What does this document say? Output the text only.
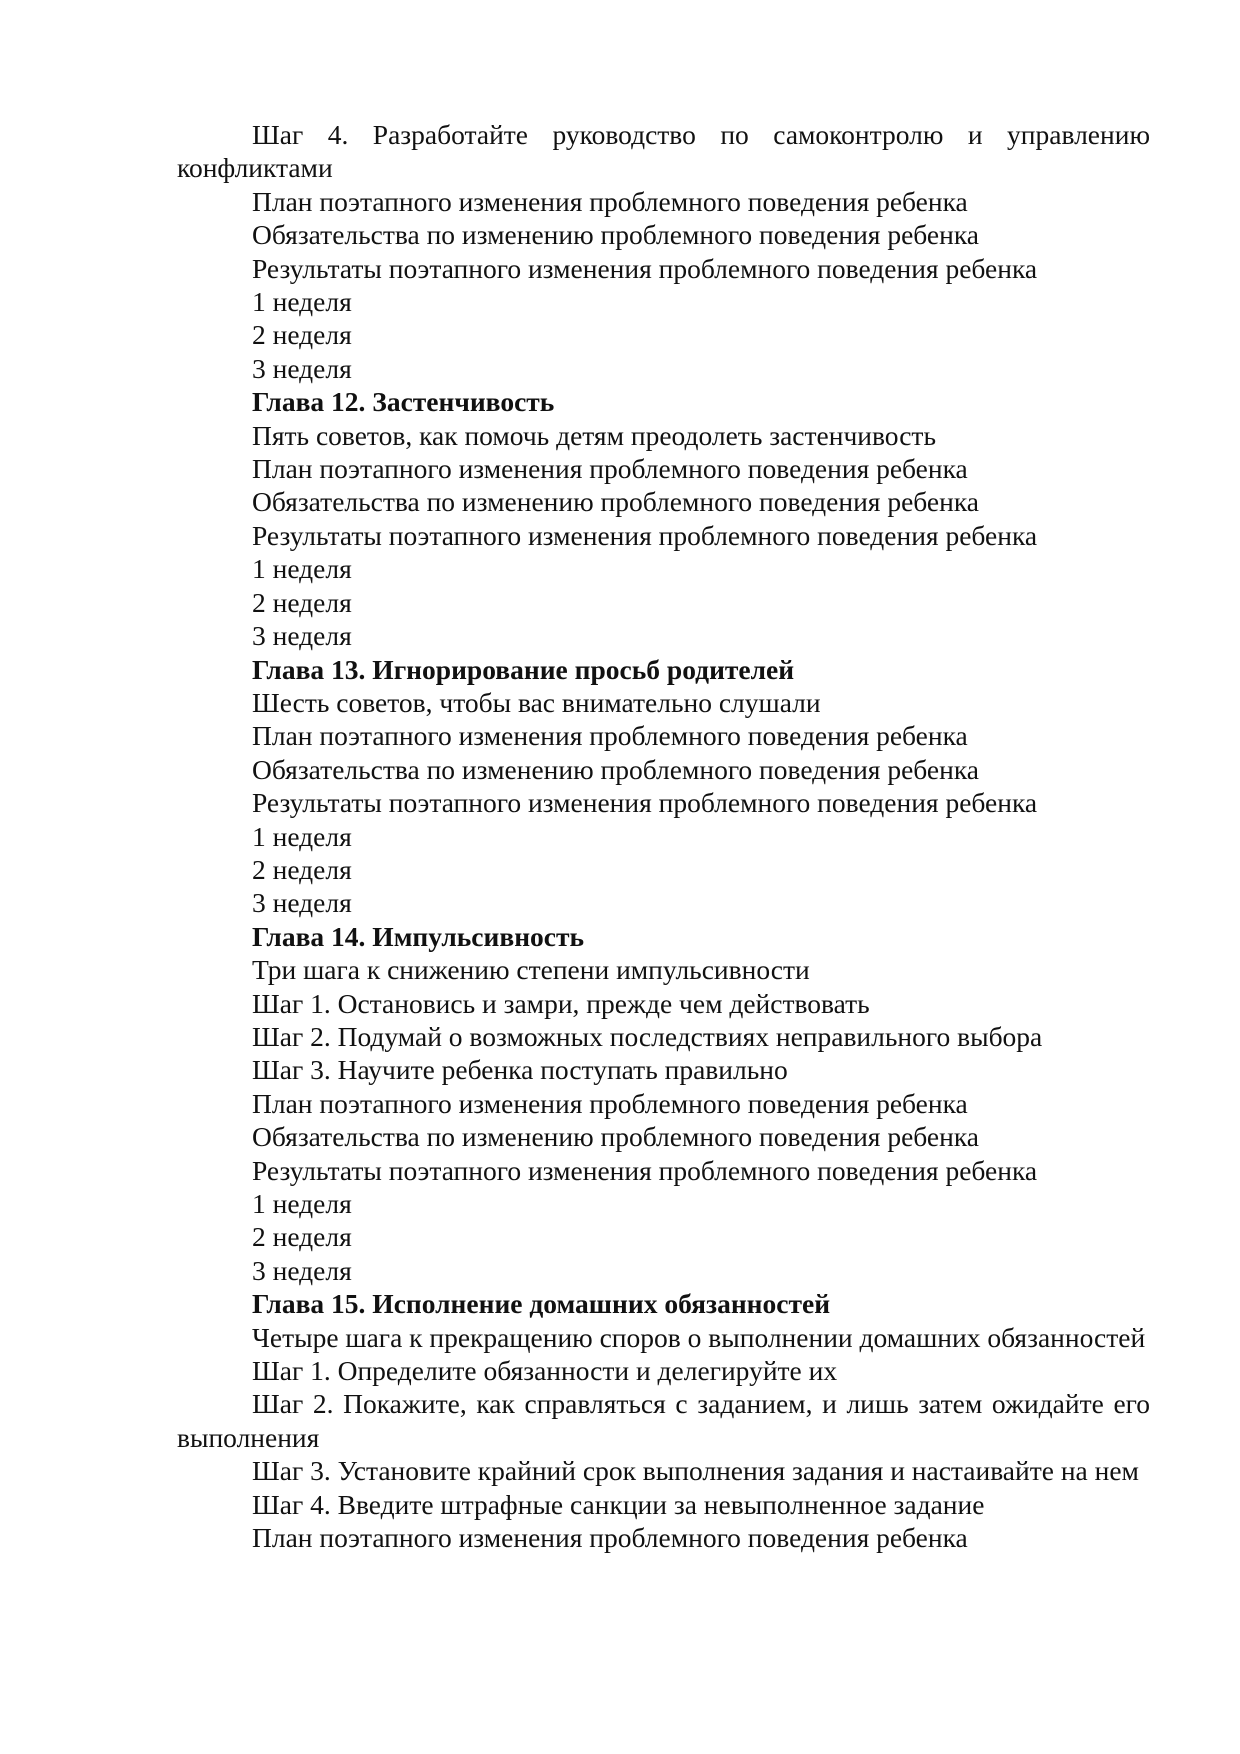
Шаг 4. Разработайте руководство по самоконтролю и управлению конфликтами

План поэтапного изменения проблемного поведения ребенка

Обязательства по изменению проблемного поведения ребенка

Результаты поэтапного изменения проблемного поведения ребенка

1 неделя

2 неделя

3 неделя

Глава 12. Застенчивость

Пять советов, как помочь детям преодолеть застенчивость

План поэтапного изменения проблемного поведения ребенка

Обязательства по изменению проблемного поведения ребенка

Результаты поэтапного изменения проблемного поведения ребенка

1 неделя

2 неделя

3 неделя

Глава 13. Игнорирование просьб родителей

Шесть советов, чтобы вас внимательно слушали

План поэтапного изменения проблемного поведения ребенка

Обязательства по изменению проблемного поведения ребенка

Результаты поэтапного изменения проблемного поведения ребенка

1 неделя

2 неделя

3 неделя

Глава 14. Импульсивность

Три шага к снижению степени импульсивности

Шаг 1. Остановись и замри, прежде чем действовать

Шаг 2. Подумай о возможных последствиях неправильного выбора

Шаг 3. Научите ребенка поступать правильно

План поэтапного изменения проблемного поведения ребенка

Обязательства по изменению проблемного поведения ребенка

Результаты поэтапного изменения проблемного поведения ребенка

1 неделя

2 неделя

3 неделя

Глава 15. Исполнение домашних обязанностей

Четыре шага к прекращению споров о выполнении домашних обязанностей

Шаг 1. Определите обязанности и делегируйте их

Шаг 2. Покажите, как справляться с заданием, и лишь затем ожидайте его выполнения

Шаг 3. Установите крайний срок выполнения задания и настаивайте на нем

Шаг 4. Введите штрафные санкции за невыполненное задание

План поэтапного изменения проблемного поведения ребенка
